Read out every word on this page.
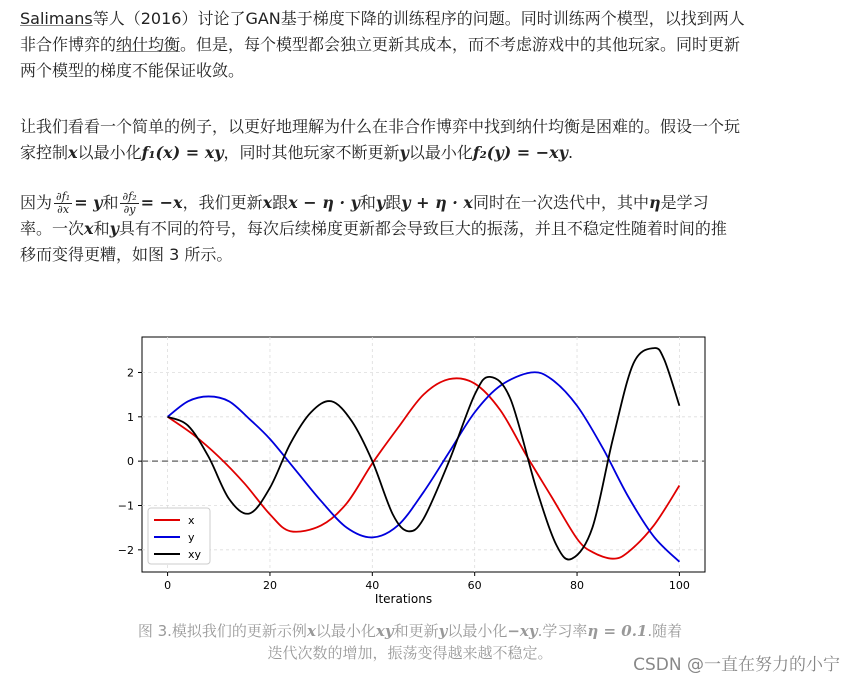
Salimans等人（2016）讨论了GAN基于梯度下降的训练程序的问题。同时训练两个模型，以找到两人
非合作博弈的纳什均衡。但是，每个模型都会独立更新其成本，而不考虑游戏中的其他玩家。同时更新
两个模型的梯度不能保证收敛。
让我们看看一个简单的例子，以更好地理解为什么在非合作博弈中找到纳什均衡是困难的。假设一个玩
家控制x以最小化f₁(x) = xy，同时其他玩家不断更新y以最小化f₂(y) = −xy.
因为 $\frac{\text{∂f₁}}{\partial x} = y$和 $\frac{\text{∂f₂}}{\partial y} = -x$，我们更新x跟x − η · y和y跟y + η · x同时在一次迭代中，其中η是学习
率。一次x和y具有不同的符号，每次后续梯度更新都会导致巨大的振荡，并且不稳定性随着时间的推
移而变得更糟，如图 3 所示。
0	20	40	60	80	100
−2
−1
0
1
2
Iterations
x
y
xy
图 3.模拟我们的更新示例x以最小化xy和更新y以最小化−xy.学习率η = 0.1.随着
迭代次数的增加，振荡变得越来越不稳定。
CSDN @一直在努力的小宁
